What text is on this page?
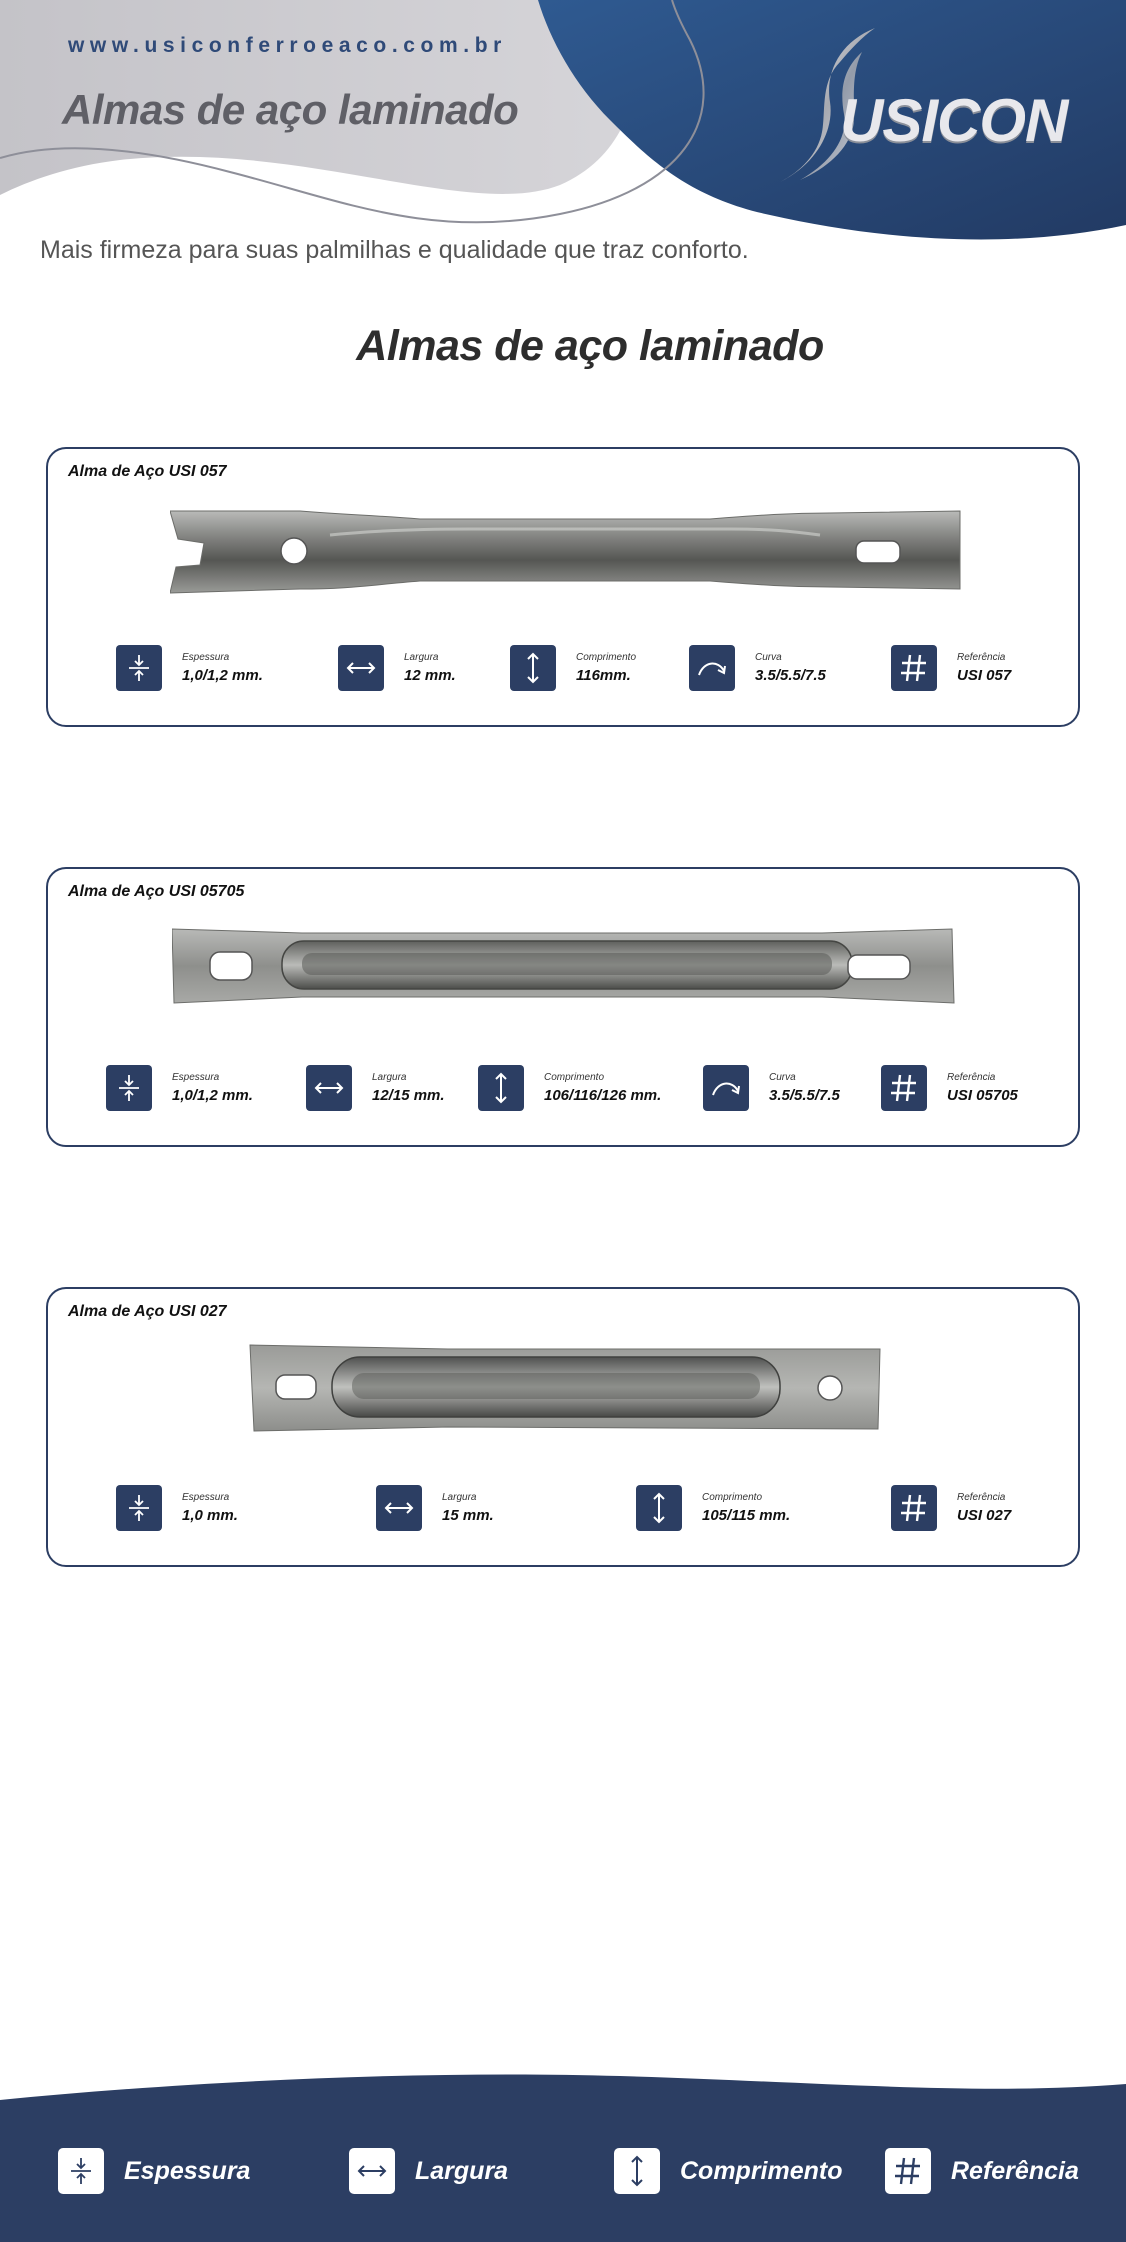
www.usiconferroeaco.com.br
Almas de aço laminado	USICON
Mais firmeza para suas palmilhas e qualidade que traz conforto.
Almas de aço laminado
Alma de Aço USI 057
Espessura
1,0/1,2 mm.
Largura
12 mm.
Comprimento
116mm.
Curva
3.5/5.5/7.5
Referência
USI 057
Alma de Aço USI 05705
Espessura
1,0/1,2 mm.
Largura
12/15 mm.
Comprimento
106/116/126 mm.
Curva
3.5/5.5/7.5
Referência
USI 05705
Alma de Aço USI 027
Espessura
1,0 mm.
Largura
15 mm.
Comprimento
105/115 mm.
Referência
USI 027
Espessura	Largura	Comprimento	Referência
